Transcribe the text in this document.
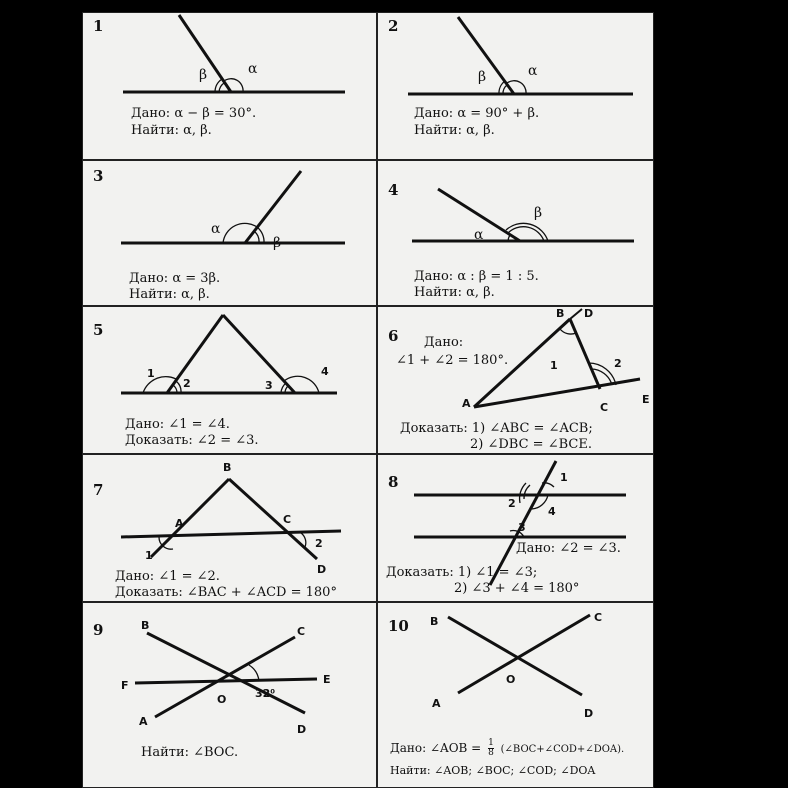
1
β	α
Дано: α − β = 30°.
Найти: α, β.
2
β	α
Дано: α = 90° + β.
Найти: α, β.
3
α
β
Дано: α = 3β.
Найти: α, β.
4
α
β
Дано: α : β = 1 : 5.
Найти: α, β.
5
1
2	3
4
Дано: ∠1 = ∠4.
Доказать: ∠2 = ∠3.
6
B D
A	C
E
1	2
Дано:
∠1 + ∠2 = 180°.
Доказать: 1) ∠ABC = ∠ACB;
2) ∠DBC = ∠BCE.
7
B
A	C
D
1
2
Дано: ∠1 = ∠2.
Доказать: ∠BAC + ∠ACD = 180°
8	1
2
3
4
Дано: ∠2 = ∠3.
Доказать: 1) ∠1 = ∠3;
2) ∠3 + ∠4 = 180°
9	B	C
F	E
O
A
D
32⁰
Найти: ∠BOC.
10 B	C
O
A
D
Дано: ∠AOB = $\frac{1}{8}$ (∠BOC+∠COD+∠DOA).
Найти: ∠AOB; ∠BOC; ∠COD; ∠DOA
